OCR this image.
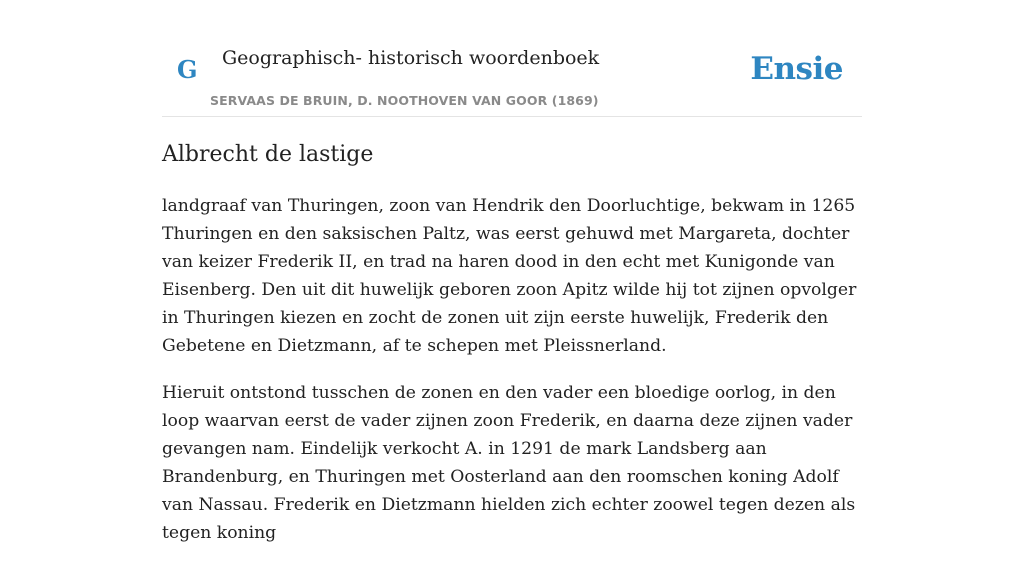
G Geographisch- historisch woordenboek
SERVAAS DE BRUIN, D. NOOTHOVEN VAN GOOR (1869)
Ensie
Albrecht de lastige

landgraaf van Thuringen, zoon van Hendrik den Doorluchtige, bekwam in 1265 Thuringen en den saksischen Paltz, was eerst gehuwd met Margareta, dochter van keizer Frederik II, en trad na haren dood in den echt met Kunigonde van Eisenberg. Den uit dit huwelijk geboren zoon Apitz wilde hij tot zijnen opvolger in Thuringen kiezen en zocht de zonen uit zijn eerste huwelijk, Frederik den Gebetene en Dietzmann, af te schepen met Pleissnerland.

Hieruit ontstond tusschen de zonen en den vader een bloedige oorlog, in den loop waarvan eerst de vader zijnen zoon Frederik, en daarna deze zijnen vader gevangen nam. Eindelijk verkocht A. in 1291 de mark Landsberg aan Brandenburg, en Thuringen met Oosterland aan den roomschen koning Adolf van Nassau. Frederik en Dietzmann hielden zich echter zoowel tegen dezen als tegen koning
